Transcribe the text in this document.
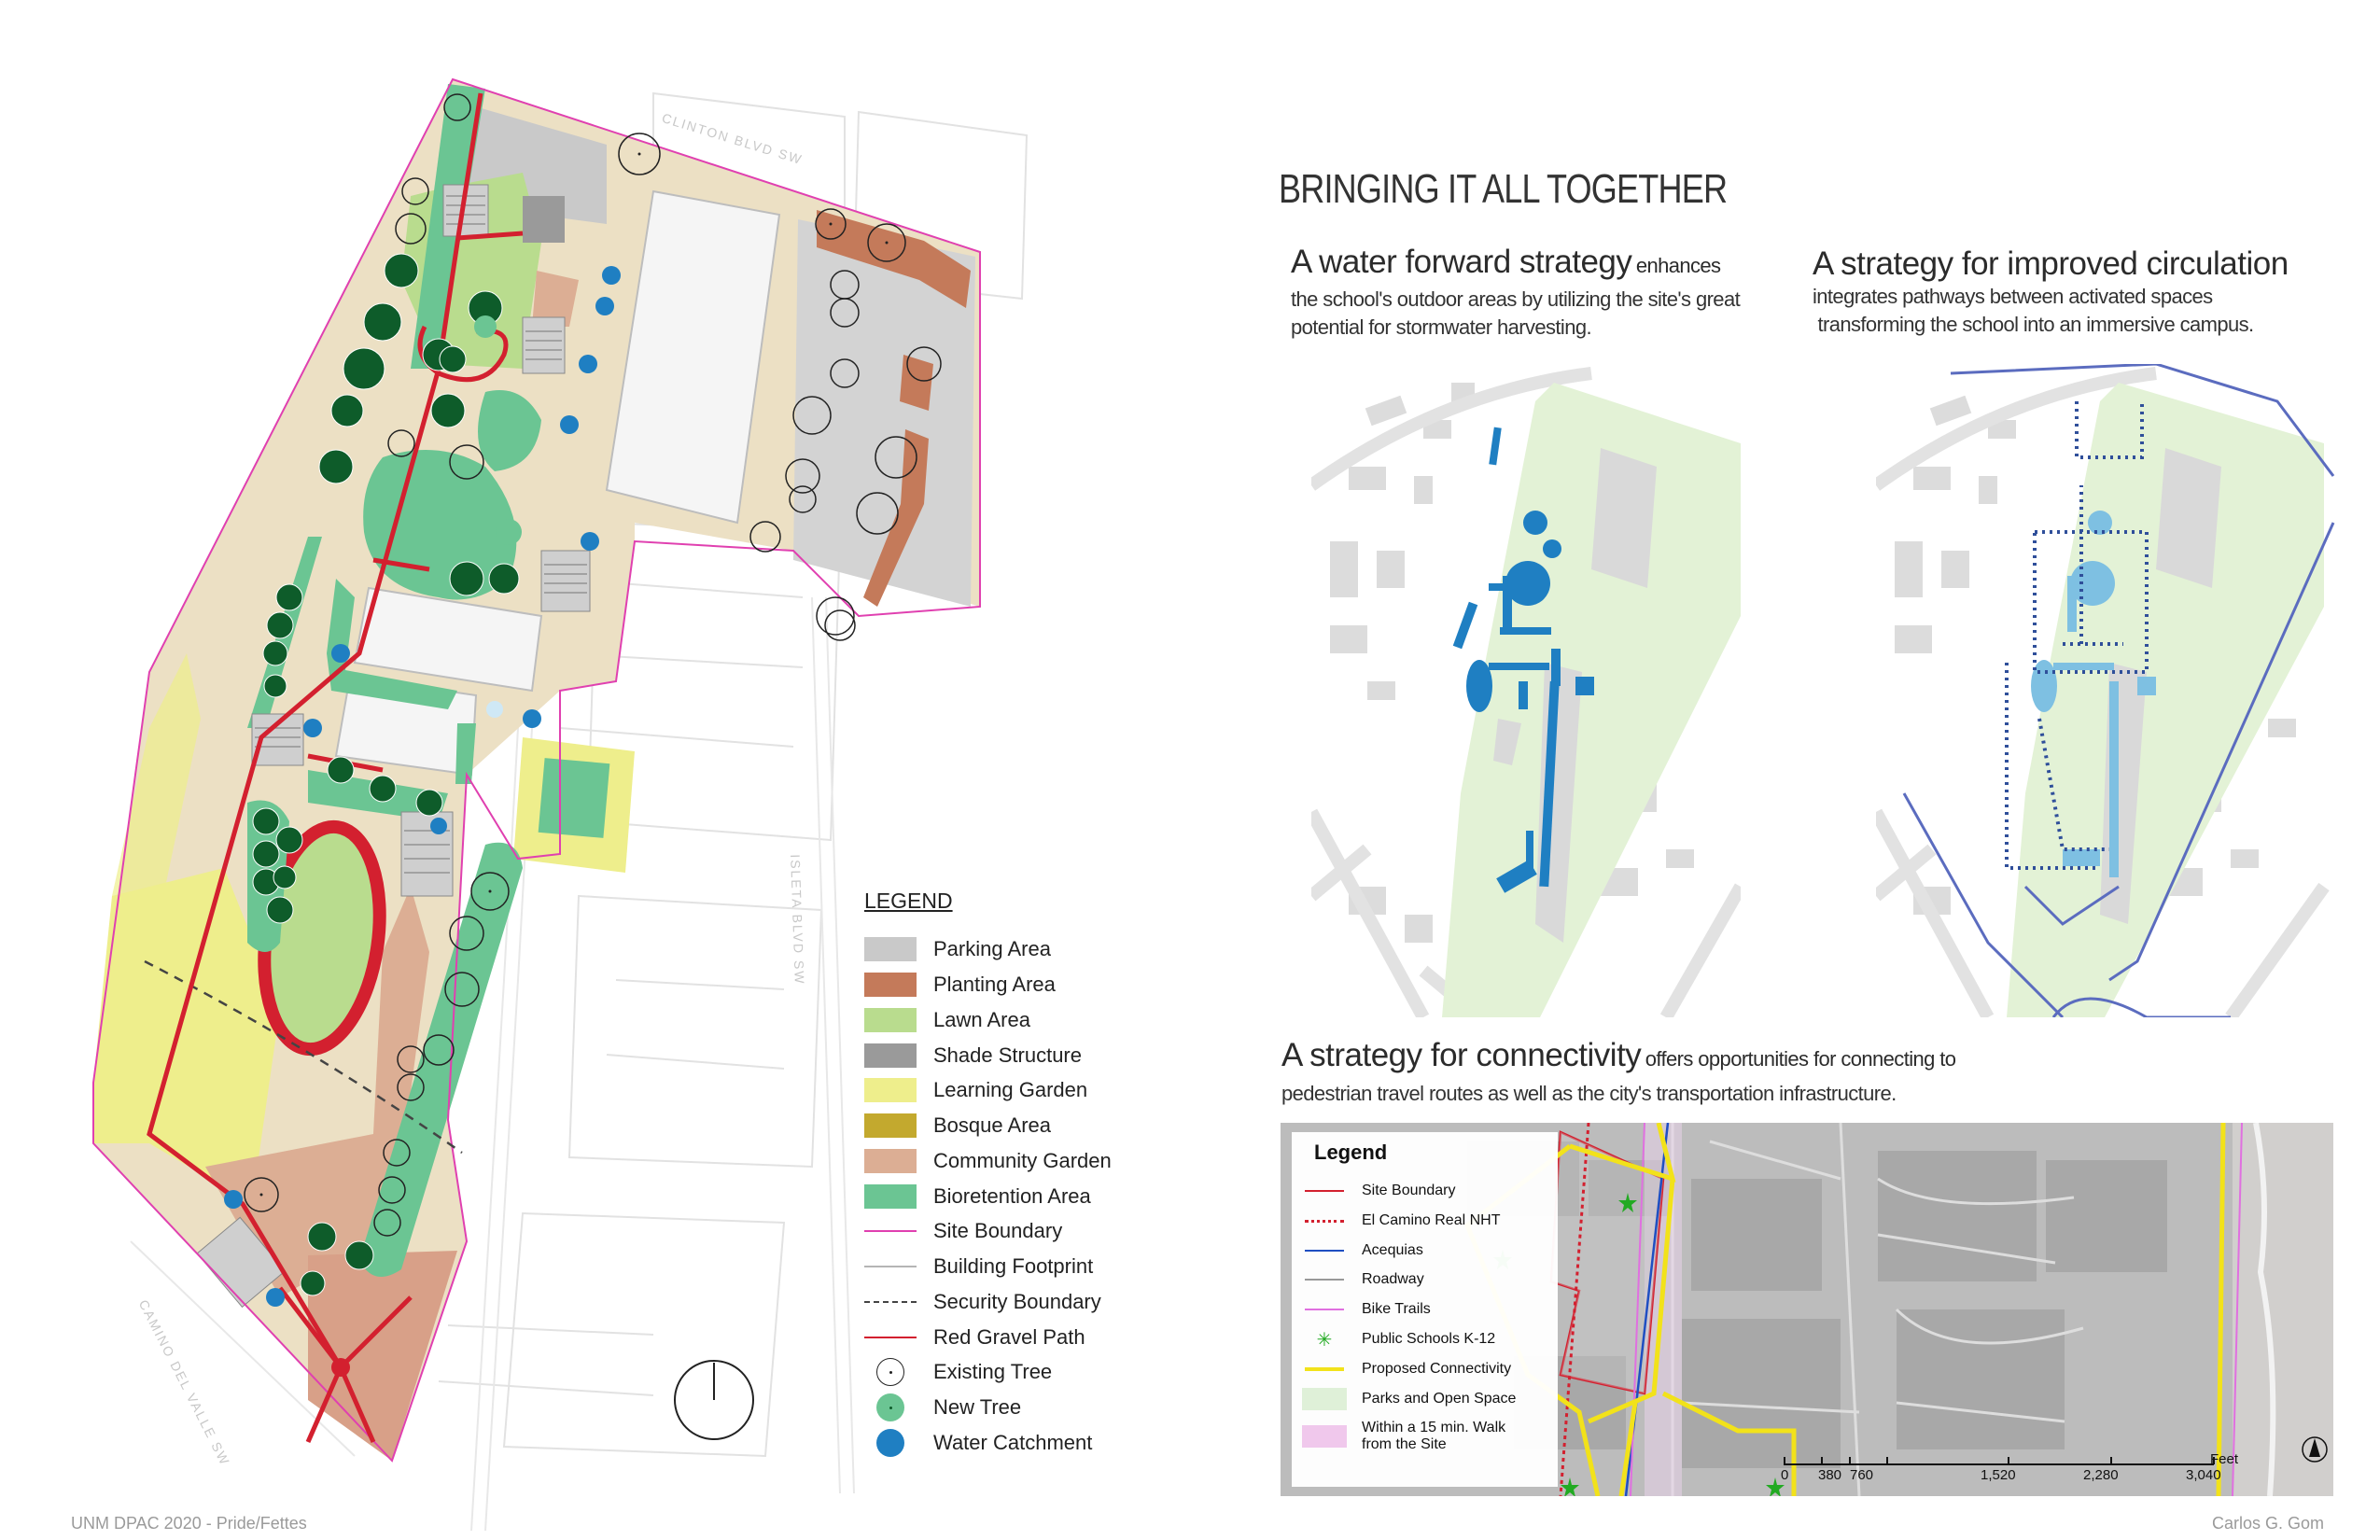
CLINTON BLVD SW
ISLETA BLVD SW
CAMINO DEL VALLE SW
LEGEND
Parking Area
Planting Area
Lawn Area
Shade Structure
Learning Garden
Bosque Area
Community Garden
Bioretention Area
Site Boundary
Building Footprint
Security Boundary
Red Gravel Path
Existing Tree
New Tree
Water Catchment
BRINGING IT ALL TOGETHER
A water forward strategy enhances
the school's outdoor areas by utilizing the site's great
potential for stormwater harvesting.
A strategy for improved circulation
integrates pathways between activated spaces
transforming the school into an immersive campus.
A strategy for connectivity offers opportunities for connecting to
pedestrian travel routes as well as the city's transportation infrastructure.
Legend
Site Boundary
El Camino Real NHT
Acequias
Roadway
Bike Trails
✳ Public Schools K-12
Proposed Connectivity
Parks and Open Space
Within a 15 min. Walk from the Site
0 380 760	1,520	2,280	3,040
Feet
UNM DPAC 2020 - Pride/Fettes	Carlos G. Gom
